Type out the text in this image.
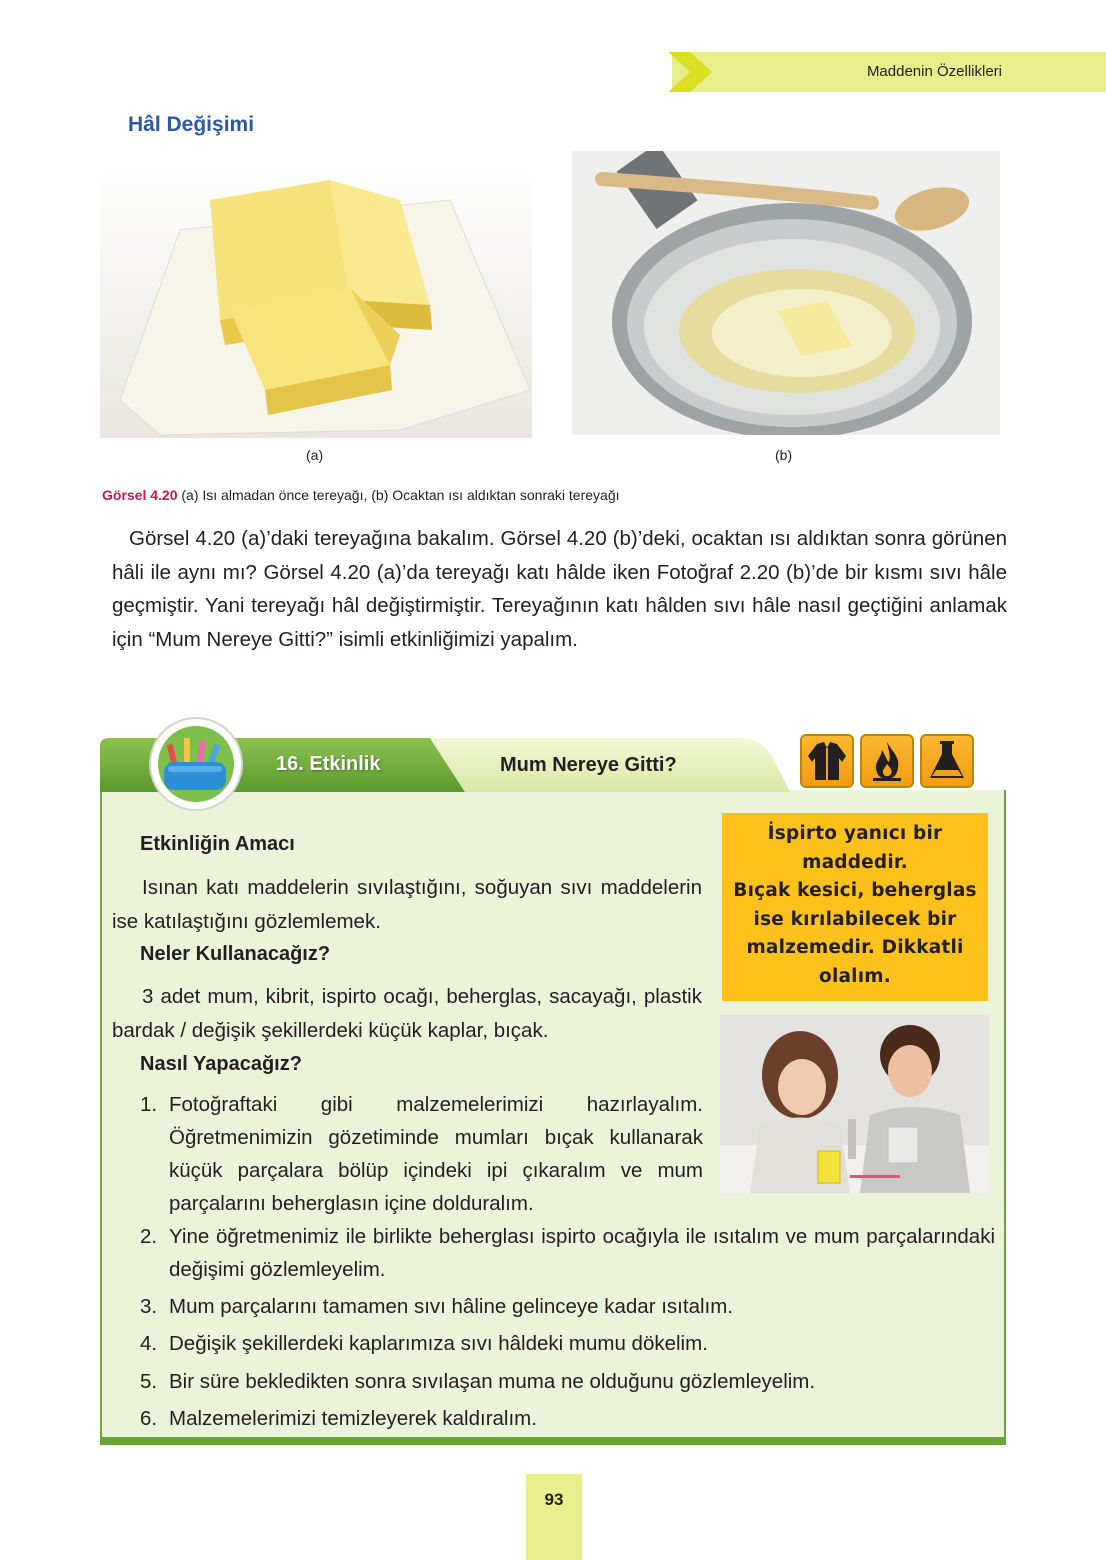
Maddenin Özellikleri
Hâl Değişimi
(a)	(b)
Görsel 4.20 (a) Isı almadan önce tereyağı, (b) Ocaktan ısı aldıktan sonraki tereyağı
Görsel 4.20 (a)’daki tereyağına bakalım. Görsel 4.20 (b)’deki, ocaktan ısı aldıktan sonra görünen hâli ile aynı mı? Görsel 4.20 (a)’da tereyağı katı hâlde iken Fotoğraf 2.20 (b)’de bir kısmı sıvı hâle geçmiştir. Yani tereyağı hâl değiştirmiştir. Tereyağının katı hâlden sıvı hâle nasıl geçtiğini anlamak için “Mum Nereye Gitti?” isimli etkinliğimizi yapalım.
16. Etkinlik	Mum Nereye Gitti?
İspirto yanıcı bir
maddedir.
Bıçak kesici, beherglas
ise kırılabilecek bir
malzemedir. Dikkatli
olalım.
Etkinliğin Amacı
Isınan katı maddelerin sıvılaştığını, soğuyan sıvı maddelerin ise katılaştığını gözlemlemek.
Neler Kullanacağız?
3 adet mum, kibrit, ispirto ocağı, beherglas, sacayağı, plastik bardak / değişik şekillerdeki küçük kaplar, bıçak.
Nasıl Yapacağız?
1. Fotoğraftaki gibi malzemelerimizi hazırlayalım. Öğretmenimizin gözetiminde mumları bıçak kullanarak küçük parçalara bölüp içindeki ipi çıkaralım ve mum parçalarını beherglasın içine dolduralım.
2. Yine öğretmenimiz ile birlikte beherglası ispirto ocağıyla ile ısıtalım ve mum parçalarındaki değişimi gözlemleyelim.
3. Mum parçalarını tamamen sıvı hâline gelinceye kadar ısıtalım.
4. Değişik şekillerdeki kaplarımıza sıvı hâldeki mumu dökelim.
5. Bir süre bekledikten sonra sıvılaşan muma ne olduğunu gözlemleyelim.
6. Malzemelerimizi temizleyerek kaldıralım.
93
